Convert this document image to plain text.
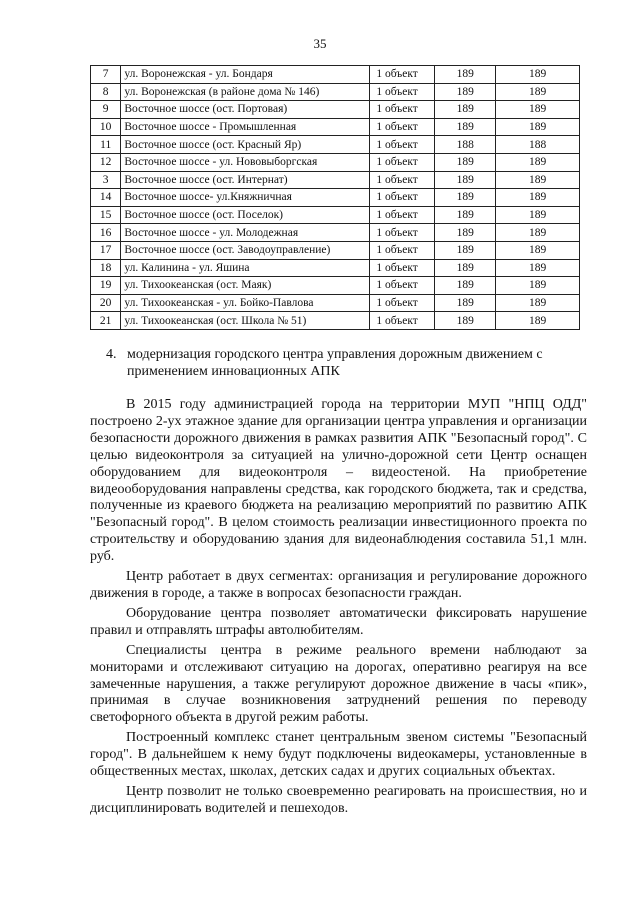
35
7	ул. Воронежская - ул. Бондаря	1 объект	189	189
8	ул. Воронежская (в районе дома № 146)	1 объект	189	189
9	Восточное шоссе (ост. Портовая)	1 объект	189	189
10	Восточное шоссе - Промышленная	1 объект	189	189
11	Восточное шоссе (ост. Красный Яр)	1 объект	188	188
12	Восточное шоссе - ул. Нововыборгская	1 объект	189	189
3	Восточное шоссе (ост. Интернат)	1 объект	189	189
14	Восточное шоссе- ул.Княжничная	1 объект	189	189
15	Восточное шоссе (ост. Поселок)	1 объект	189	189
16	Восточное шоссе - ул. Молодежная	1 объект	189	189
17	Восточное шоссе (ост. Заводоуправление)	1 объект	189	189
18	ул. Калинина - ул. Яшина	1 объект	189	189
19	ул. Тихоокеанская (ост. Маяк)	1 объект	189	189
20	ул. Тихоокеанская - ул. Бойко-Павлова	1 объект	189	189
21	ул. Тихоокеанская (ост. Школа № 51)	1 объект	189	189
4. модернизация городского центра управления дорожным движением с применением инновационных АПК

В 2015 году администрацией города на территории МУП "НПЦ ОДД" построено 2-ух этажное здание для организации центра управления и организации безопасности дорожного движения в рамках развития АПК "Безопасный город". С целью видеоконтроля за ситуацией на улично-дорожной сети Центр оснащен оборудованием для видеоконтроля – видеостеной. На приобретение видеооборудования направлены средства, как городского бюджета, так и средства, полученные из краевого бюджета на реализацию мероприятий по развитию АПК "Безопасный город". В целом стоимость реализации инвестиционного проекта по строительству и оборудованию здания для видеонаблюдения составила 51,1 млн. руб.

Центр работает в двух сегментах: организация и регулирование дорожного движения в городе, а также в вопросах безопасности граждан.

Оборудование центра позволяет автоматически фиксировать нарушение правил и отправлять штрафы автолюбителям.

Специалисты центра в режиме реального времени наблюдают за мониторами и отслеживают ситуацию на дорогах, оперативно реагируя на все замеченные нарушения, а также регулируют дорожное движение в часы «пик», принимая в случае возникновения затруднений решения по переводу светофорного объекта в другой режим работы.

Построенный комплекс станет центральным звеном системы "Безопасный город". В дальнейшем к нему будут подключены видеокамеры, установленные в общественных местах, школах, детских садах и других социальных объектах.

Центр позволит не только своевременно реагировать на происшествия, но и дисциплинировать водителей и пешеходов.
